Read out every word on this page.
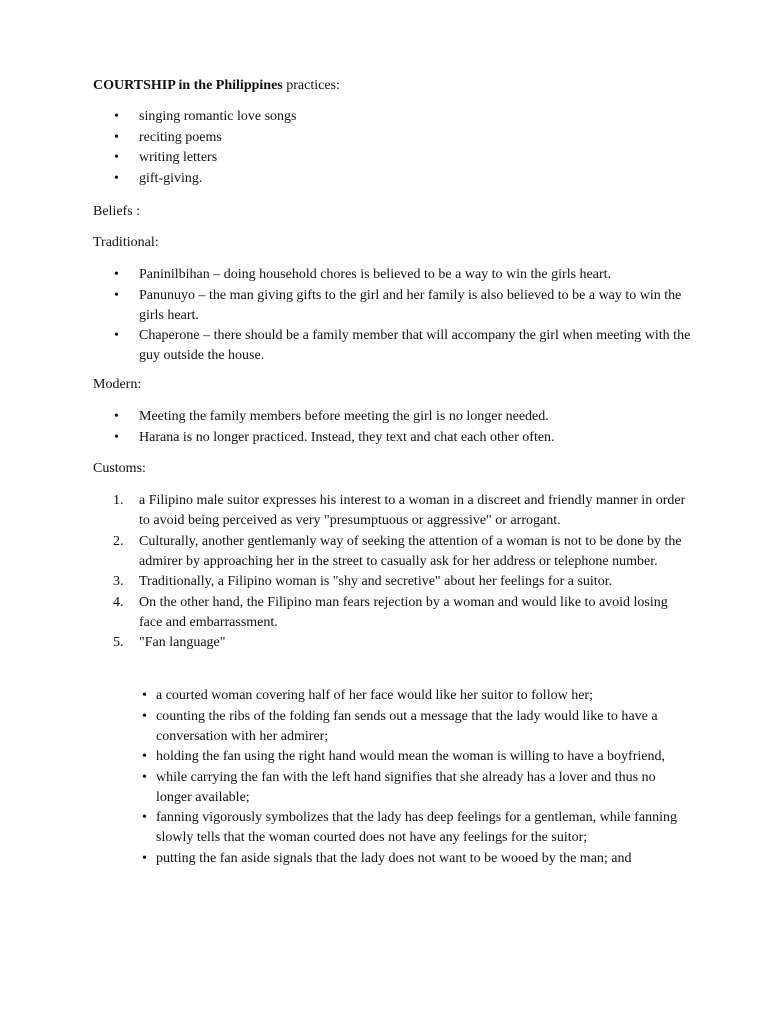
COURTSHIP in the Philippines practices:
• singing romantic love songs
• reciting poems
• writing letters
• gift-giving.
Beliefs :
Traditional:
• Paninilbihan – doing household chores is believed to be a way to win the girls heart.
• Panunuyo – the man giving gifts to the girl and her family is also believed to be a way to win the girls heart.
• Chaperone – there should be a family member that will accompany the girl when meeting with the guy outside the house.
Modern:
• Meeting the family members before meeting the girl is no longer needed.
• Harana is no longer practiced. Instead, they text and chat each other often.
Customs:
1. a Filipino male suitor expresses his interest to a woman in a discreet and friendly manner in order to avoid being perceived as very "presumptuous or aggressive" or arrogant.
2. Culturally, another gentlemanly way of seeking the attention of a woman is not to be done by the admirer by approaching her in the street to casually ask for her address or telephone number.
3. Traditionally, a Filipino woman is "shy and secretive" about her feelings for a suitor.
4. On the other hand, the Filipino man fears rejection by a woman and would like to avoid losing face and embarrassment.
5. "Fan language"
• a courted woman covering half of her face would like her suitor to follow her;
• counting the ribs of the folding fan sends out a message that the lady would like to have a conversation with her admirer;
• holding the fan using the right hand would mean the woman is willing to have a boyfriend,
• while carrying the fan with the left hand signifies that she already has a lover and thus no longer available;
• fanning vigorously symbolizes that the lady has deep feelings for a gentleman, while fanning slowly tells that the woman courted does not have any feelings for the suitor;
• putting the fan aside signals that the lady does not want to be wooed by the man; and
